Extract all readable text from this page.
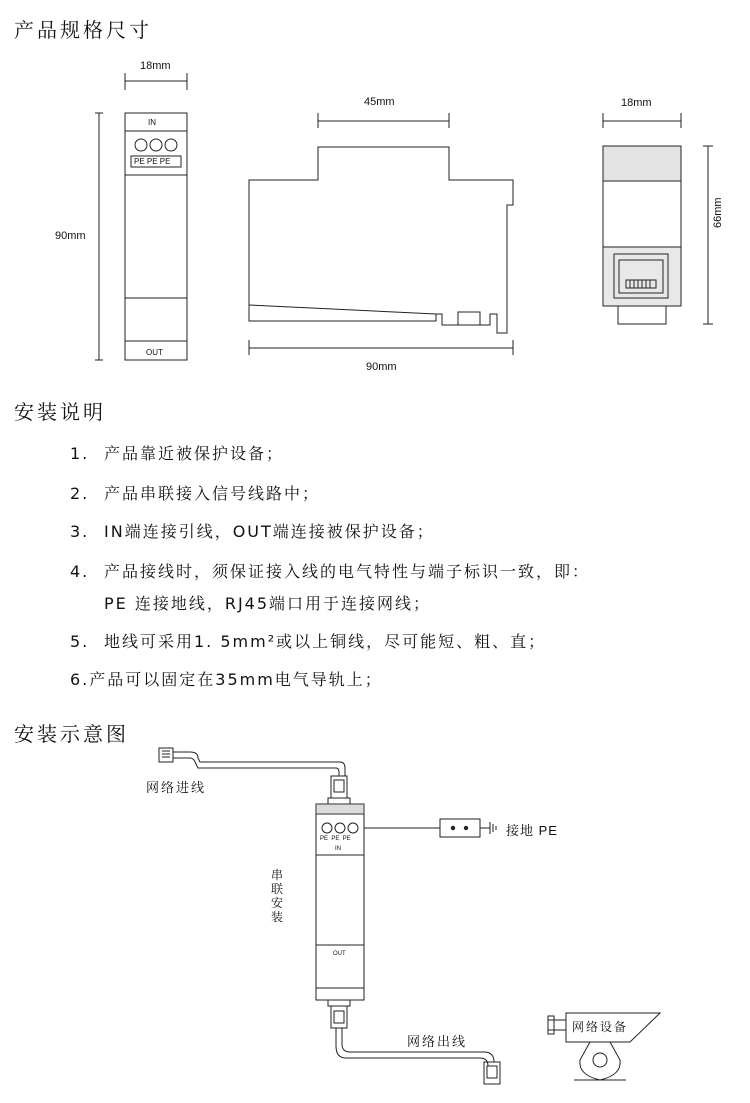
产品规格尺寸
安装说明
安装示意图
18mm
90mm
IN
PE PE PE
OUT
45mm
90mm
18mm
66mm
1. 产品靠近被保护设备；
2. 产品串联接入信号线路中；
3. IN端连接引线，OUT端连接被保护设备；
4. 产品接线时，须保证接入线的电气特性与端子标识一致，即：
PE 连接地线，RJ45端口用于连接网线；
5. 地线可采用1. 5mm²或以上铜线，尽可能短、粗、直；
6.产品可以固定在35mm电气导轨上；
网络进线
接地 PE
串联安装
网络出线
网络设备
PE  PE  PE
IN
OUT
